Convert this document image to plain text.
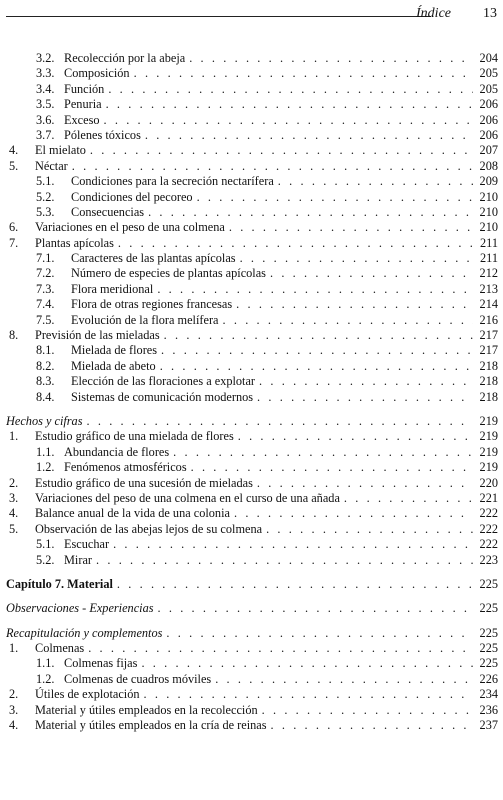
Índice 13
3.2. Recolección por la abeja . . .	204
3.3. Composición . . .	205
3.4. Función . . .	205
3.5. Penuria . . .	206
3.6. Exceso . . .	206
3.7. Pólenes tóxicos . . .	206
4. El mielato . . .	207
5. Néctar . . .	208
5.1. Condiciones para la secreción nectarífera . . .	209
5.2. Condiciones del pecoreo . . .	210
5.3. Consecuencias . . .	210
6. Variaciones en el peso de una colmena . . .	210
7. Plantas apícolas . . .	211
7.1. Caracteres de las plantas apícolas . . .	211
7.2. Número de especies de plantas apícolas . . .	212
7.3. Flora meridional . . .	213
7.4. Flora de otras regiones francesas . . .	214
7.5. Evolución de la flora melífera . . .	216
8. Previsión de las mieladas . . .	217
8.1. Mielada de flores . . .	217
8.2. Mielada de abeto . . .	218
8.3. Elección de las floraciones a explotar . . .	218
8.4. Sistemas de comunicación modernos . . .	218
Hechos y cifras . . .	219
1. Estudio gráfico de una mielada de flores . . .	219
1.1. Abundancia de flores . . .	219
1.2. Fenómenos atmosféricos . . .	219
2. Estudio gráfico de una sucesión de mieladas . . .	220
3. Variaciones del peso de una colmena en el curso de una añada . . .	221
4. Balance anual de la vida de una colonia . . .	222
5. Observación de las abejas lejos de su colmena . . .	222
5.1. Escuchar . . .	222
5.2. Mirar . . .	223
Capítulo 7. Material . . .	225
Observaciones - Experiencias . . .	225
Recapitulación y complementos . . .	225
1. Colmenas . . .	225
1.1. Colmenas fijas . . .	225
1.2. Colmenas de cuadros móviles . . .	226
2. Útiles de explotación . . .	234
3. Material y útiles empleados en la recolección . . .	236
4. Material y útiles empleados en la cría de reinas . . .	237
